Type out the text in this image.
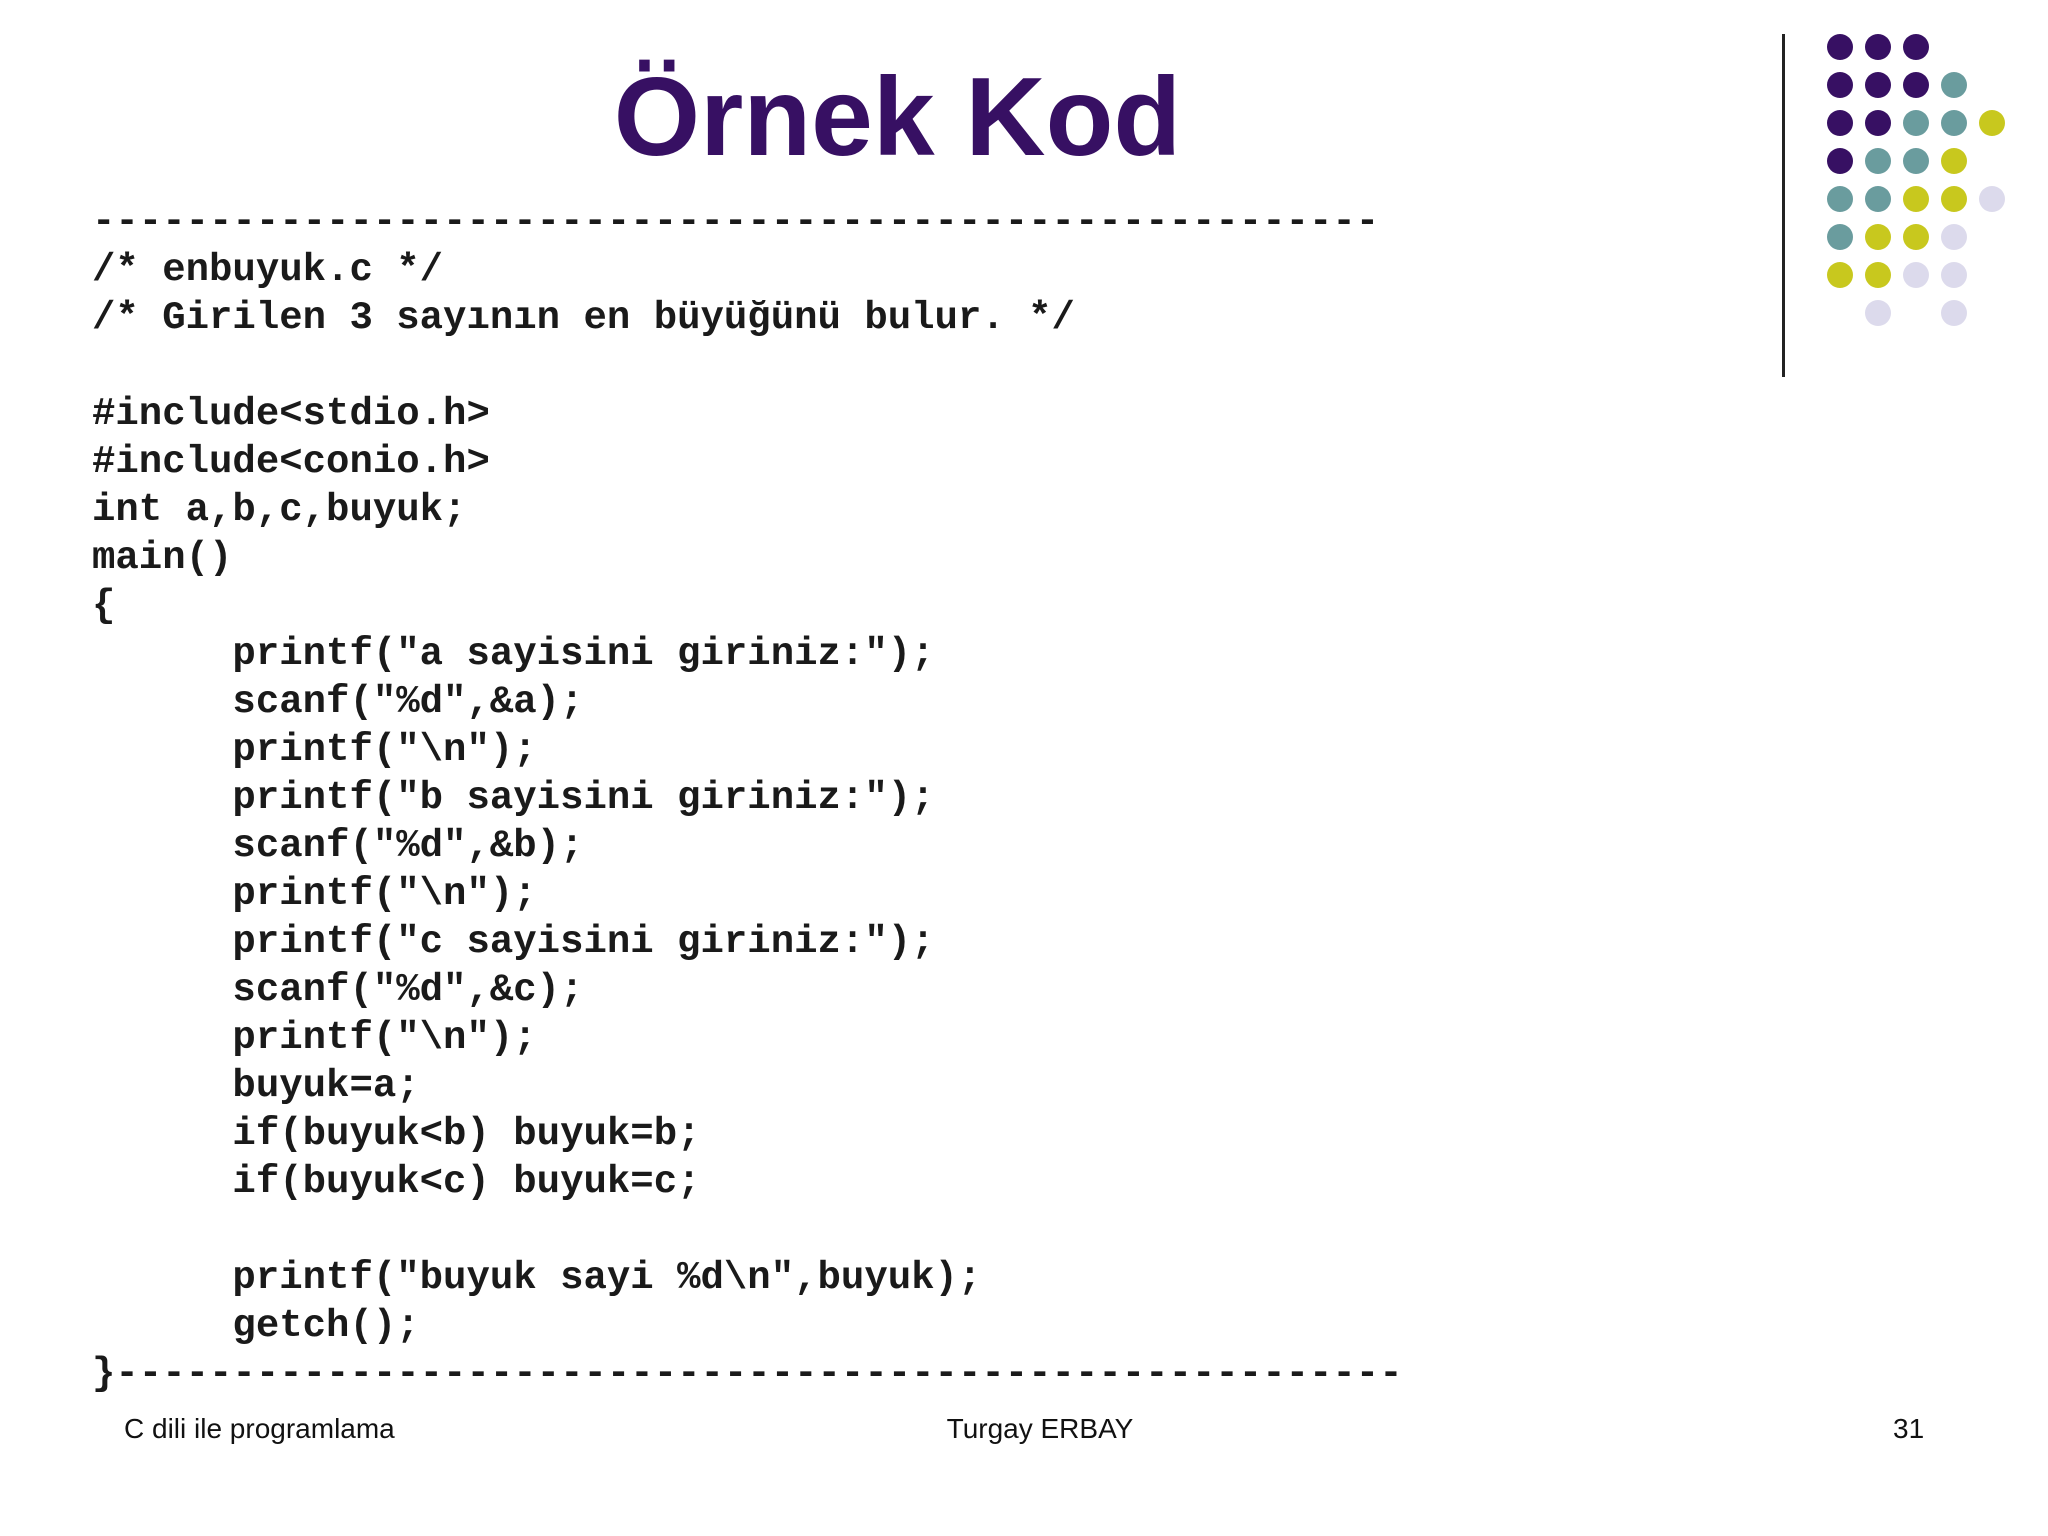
Örnek Kod
-------------------------------------------------------
/* enbuyuk.c */
/* Girilen 3 sayının en büyüğünü bulur. */

#include<stdio.h>
#include<conio.h>
int a,b,c,buyuk;
main()
{
printf("a sayisini giriniz:");
scanf("%d",&a);
printf("\n");
printf("b sayisini giriniz:");
scanf("%d",&b);
printf("\n");
printf("c sayisini giriniz:");
scanf("%d",&c);
printf("\n");
buyuk=a;
if(buyuk<b) buyuk=b;
if(buyuk<c) buyuk=c;

printf("buyuk sayi %d\n",buyuk);
getch();
}-------------------------------------------------------
C dili ile programlama	Turgay ERBAY	31
